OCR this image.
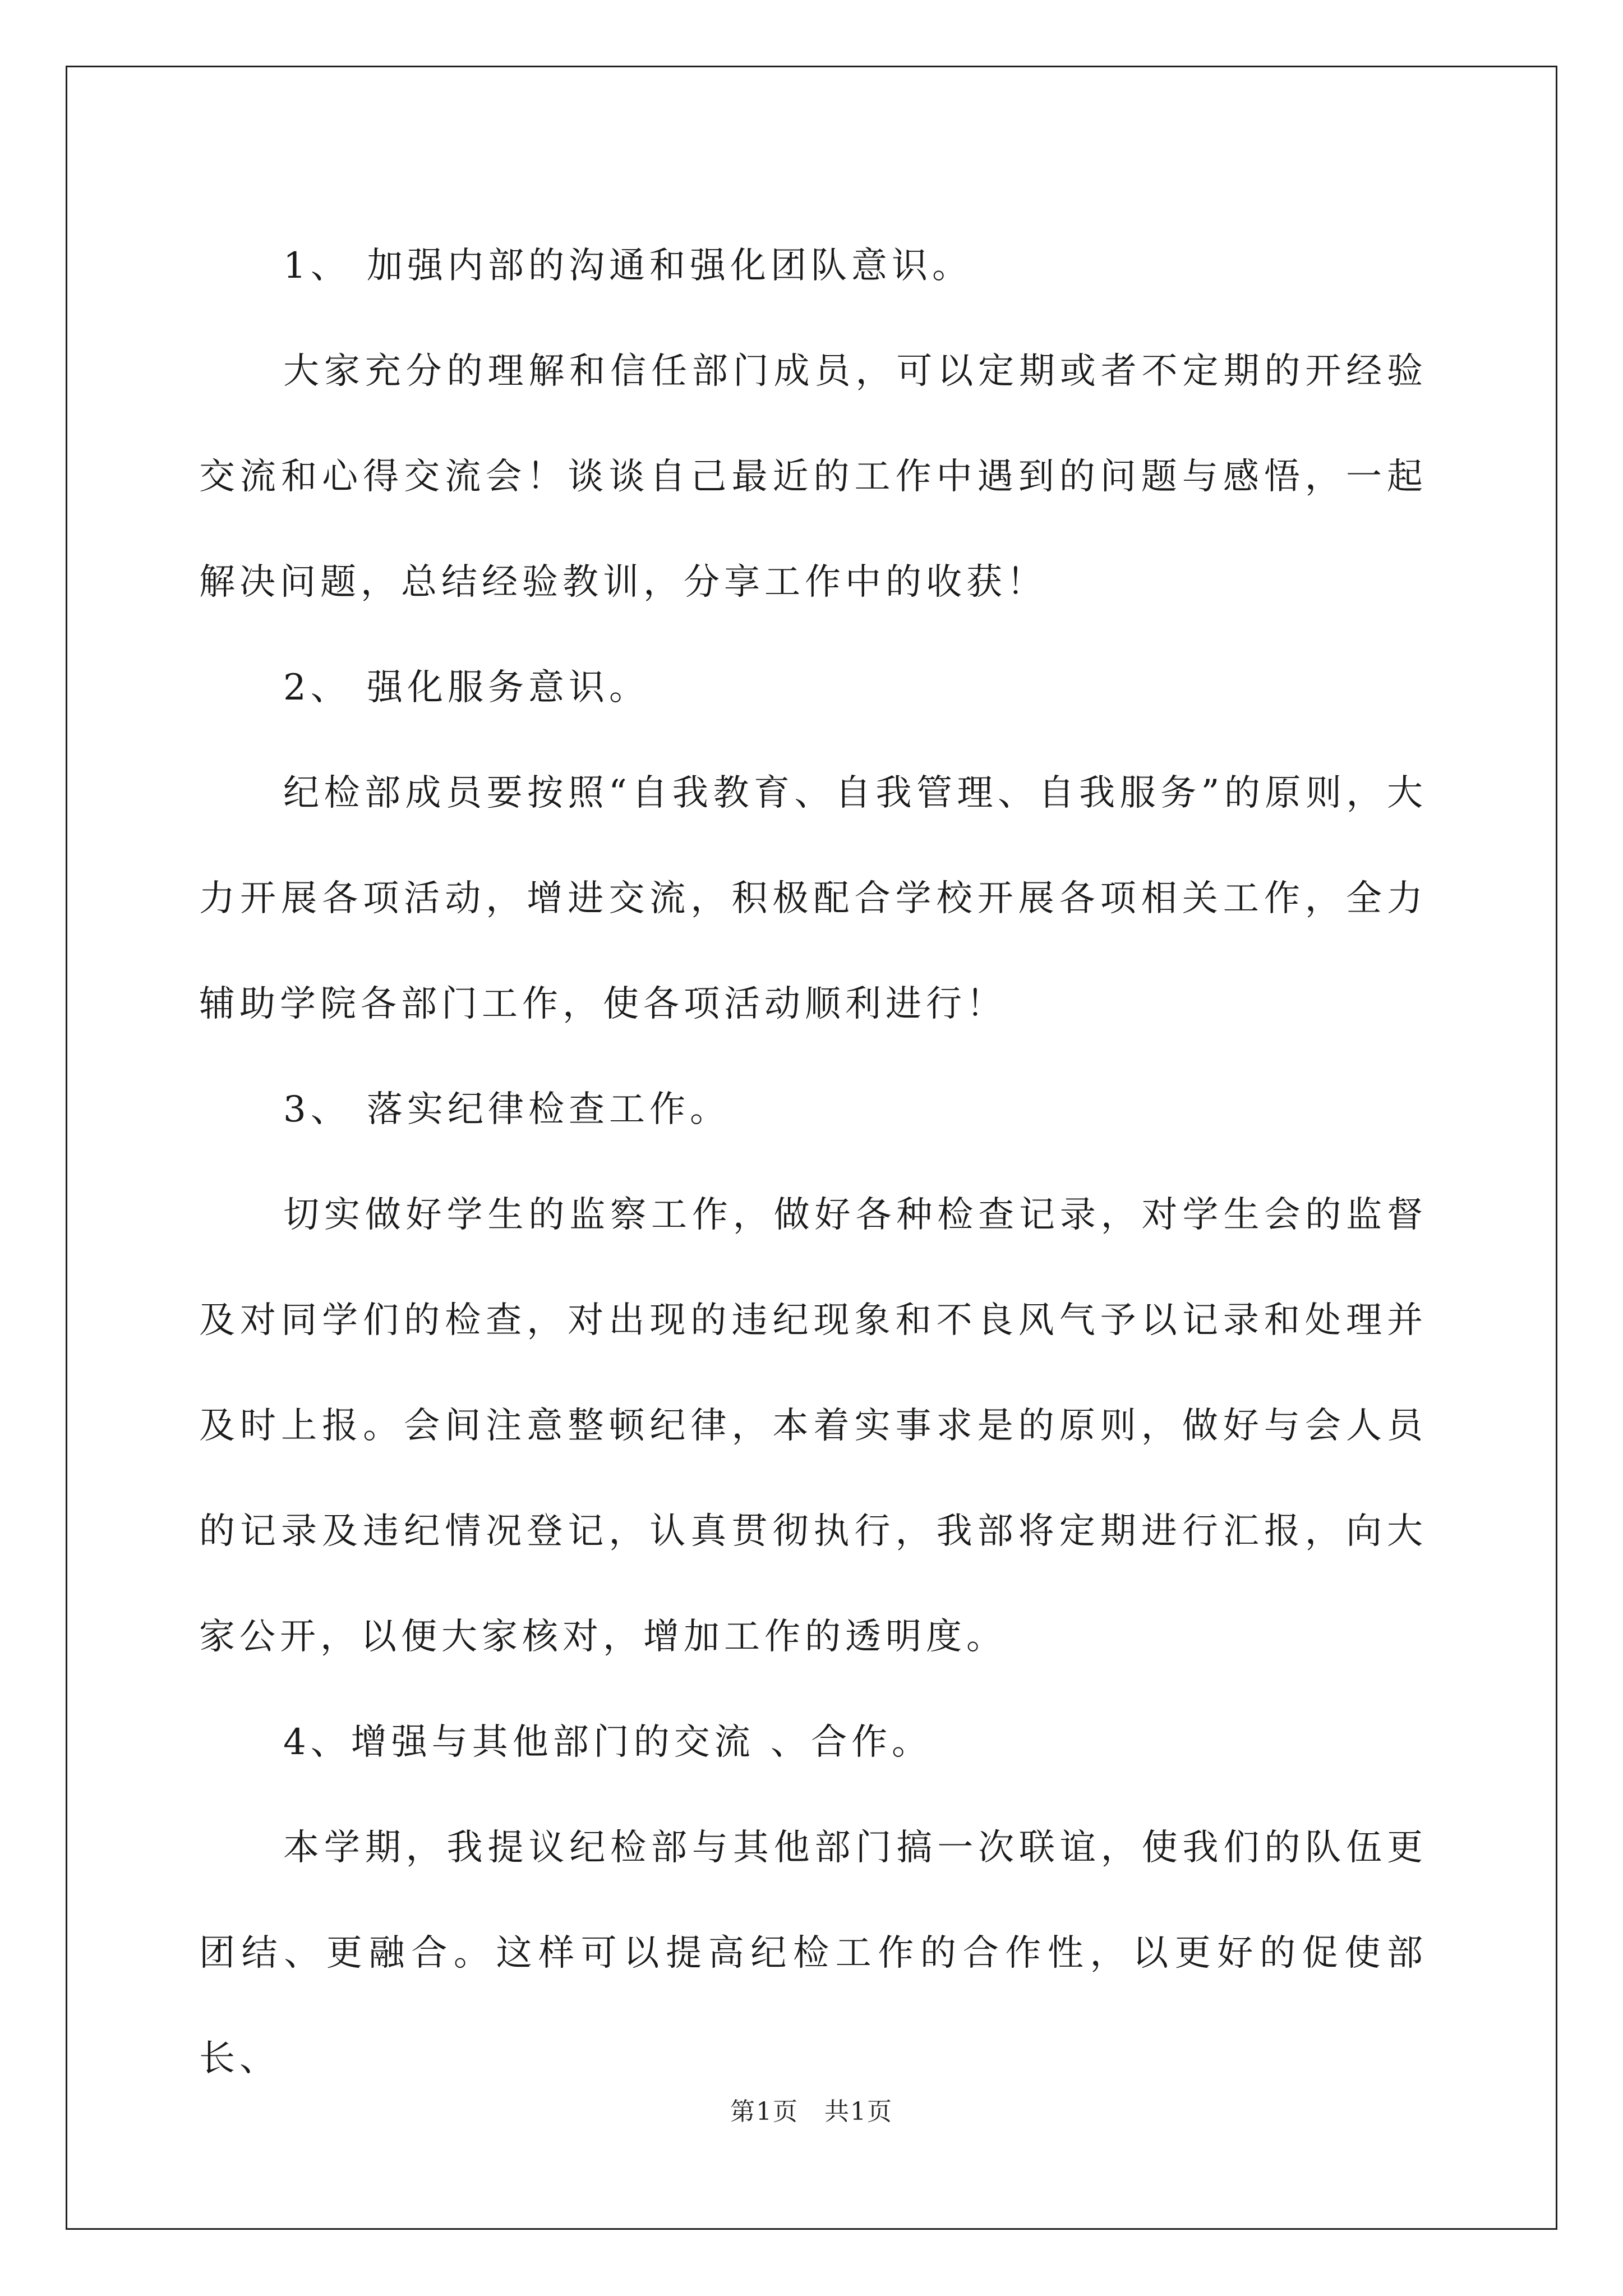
1、 加强内部的沟通和强化团队意识。

大家充分的理解和信任部门成员，可以定期或者不定期的开经验交流和心得交流会！谈谈自己最近的工作中遇到的问题与感悟，一起解决问题，总结经验教训，分享工作中的收获！

2、 强化服务意识。

纪检部成员要按照“自我教育、自我管理、自我服务”的原则，大力开展各项活动，增进交流，积极配合学校开展各项相关工作，全力辅助学院各部门工作，使各项活动顺利进行！

3、 落实纪律检查工作。

切实做好学生的监察工作，做好各种检查记录，对学生会的监督及对同学们的检查，对出现的违纪现象和不良风气予以记录和处理并及时上报。会间注意整顿纪律，本着实事求是的原则，做好与会人员的记录及违纪情况登记，认真贯彻执行，我部将定期进行汇报，向大家公开，以便大家核对，增加工作的透明度。

4、增强与其他部门的交流 、合作。

本学期，我提议纪检部与其他部门搞一次联谊，使我们的队伍更团结、更融合。这样可以提高纪检工作的合作性，以更好的促使部长、

第1页　共1页
